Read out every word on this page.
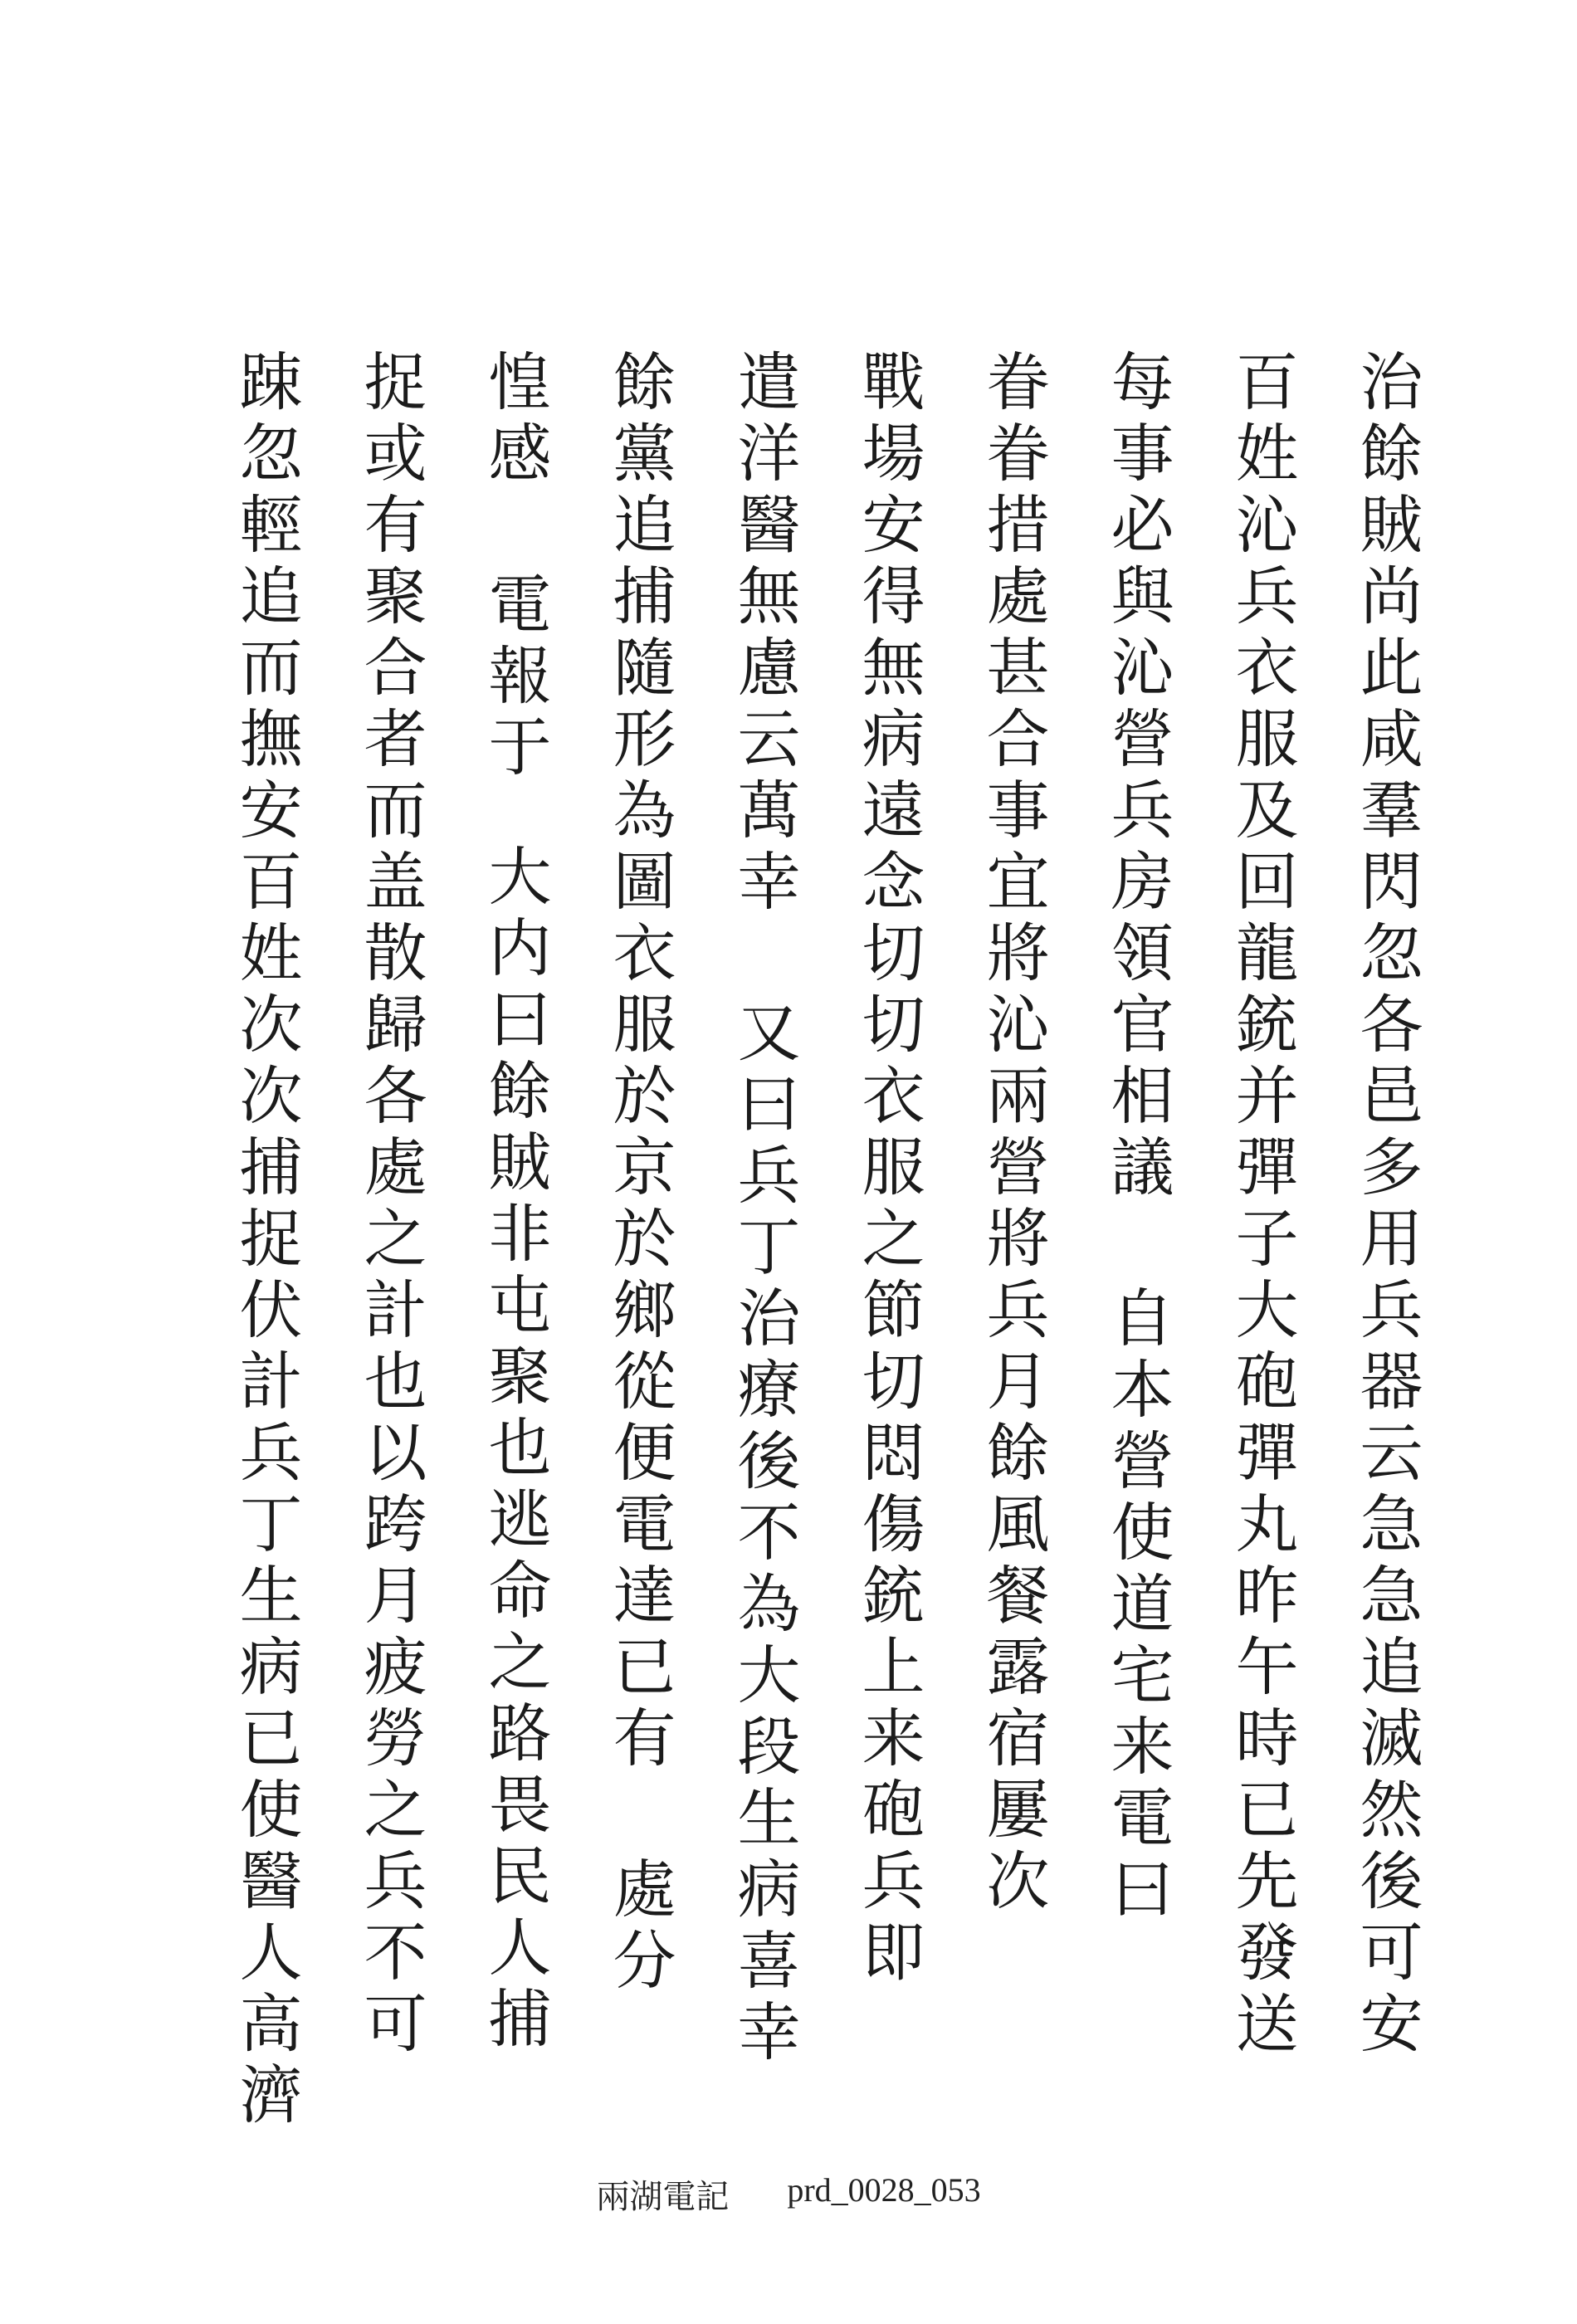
治餘賊尚此咸羣閃忽各邑多用兵器云急急追滅然後可安
百姓沁兵衣服及回龍銃并彈子大砲彈丸昨午時已先發送
每事必與沁營兵房領官相議
自本營使道宅来電曰
眷眷措處甚合事宜將沁兩營將兵月餘風餐露宿屢次
戰場安得無病遠念切切衣服之節切悶傷銃上来砲兵即
遣洋醫無慮云萬幸
又曰兵丁治療後不為大段生病喜幸
餘黨追捕隨形為圖衣服於京於鄉從便電達已有
處分
惶感
電報于
大内曰餘賊非屯聚也逃命之路畏民人捕
捉或有聚合者而盖散歸各處之計也以跨月疲勞之兵不可
踈忽輕追而撫安百姓次次捕捉伏計兵丁生病已使醫人高濟
兩湖電記 prd_0028_053
